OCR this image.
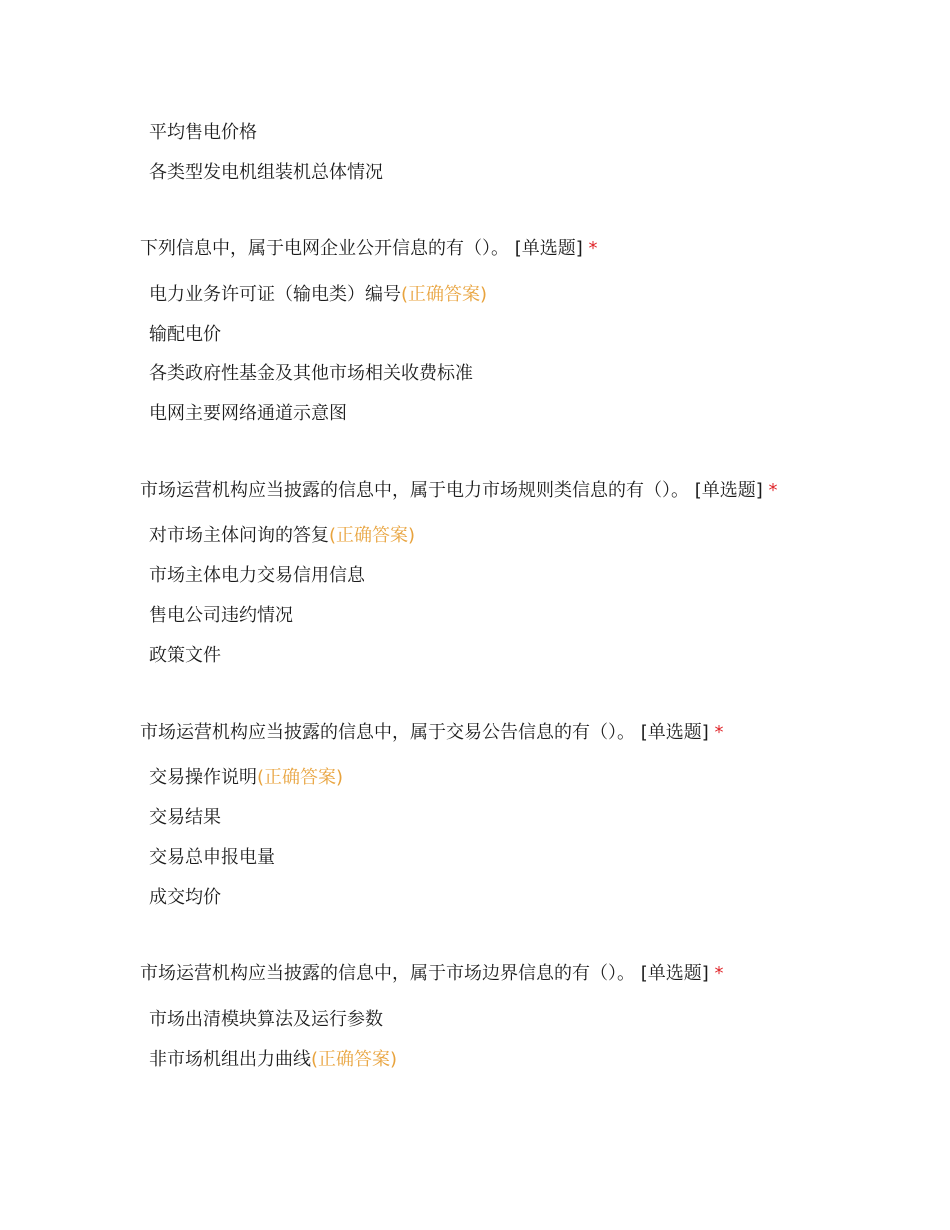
平均售电价格
各类型发电机组装机总体情况
下列信息中，属于电网企业公开信息的有（）。 [单选题] *
电力业务许可证（输电类）编号(正确答案)
输配电价
各类政府性基金及其他市场相关收费标准
电网主要网络通道示意图
市场运营机构应当披露的信息中，属于电力市场规则类信息的有（）。 [单选题] *
对市场主体问询的答复(正确答案)
市场主体电力交易信用信息
售电公司违约情况
政策文件
市场运营机构应当披露的信息中，属于交易公告信息的有（）。 [单选题] *
交易操作说明(正确答案)
交易结果
交易总申报电量
成交均价
市场运营机构应当披露的信息中，属于市场边界信息的有（）。 [单选题] *
市场出清模块算法及运行参数
非市场机组出力曲线(正确答案)
